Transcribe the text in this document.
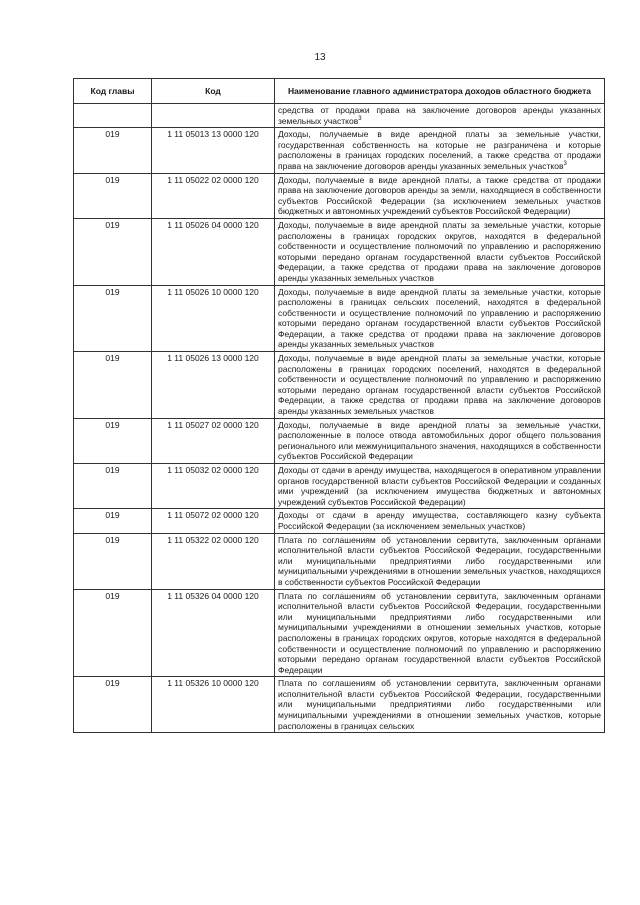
13
Код главы	Код	Наименование главного администратора доходов областного бюджета
		средства от продажи права на заключение договоров аренды указанных земельных участков$^3$
019	1 11 05013 13 0000 120	Доходы, получаемые в виде арендной платы за земельные участки, государственная собственность на которые не разграничена и которые расположены в границах городских поселений, а также средства от продажи права на заключение договоров аренды указанных земельных участков$^3$
019	1 11 05022 02 0000 120	Доходы, получаемые в виде арендной платы, а также средства от продажи права на заключение договоров аренды за земли, находящиеся в собственности субъектов Российской Федерации (за исключением земельных участков бюджетных и автономных учреждений субъектов Российской Федерации)
019	1 11 05026 04 0000 120	Доходы, получаемые в виде арендной платы за земельные участки, которые расположены в границах городских округов, находятся в федеральной собственности и осуществление полномочий по управлению и распоряжению которыми передано органам государственной власти субъектов Российской Федерации, а также средства от продажи права на заключение договоров аренды указанных земельных участков
019	1 11 05026 10 0000 120	Доходы, получаемые в виде арендной платы за земельные участки, которые расположены в границах сельских поселений, находятся в федеральной собственности и осуществление полномочий по управлению и распоряжению которыми передано органам государственной власти субъектов Российской Федерации, а также средства от продажи права на заключение договоров аренды указанных земельных участков
019	1 11 05026 13 0000 120	Доходы, получаемые в виде арендной платы за земельные участки, которые расположены в границах городских поселений, находятся в федеральной собственности и осуществление полномочий по управлению и распоряжению которыми передано органам государственной власти субъектов Российской Федерации, а также средства от продажи права на заключение договоров аренды указанных земельных участков
019	1 11 05027 02 0000 120	Доходы, получаемые в виде арендной платы за земельные участки, расположенные в полосе отвода автомобильных дорог общего пользования регионального или межмуниципального значения, находящихся в собственности субъектов Российской Федерации
019	1 11 05032 02 0000 120	Доходы от сдачи в аренду имущества, находящегося в оперативном управлении органов государственной власти субъектов Российской Федерации и созданных ими учреждений (за исключением имущества бюджетных и автономных учреждений субъектов Российской Федерации)
019	1 11 05072 02 0000 120	Доходы от сдачи в аренду имущества, составляющего казну субъекта Российской Федерации (за исключением земельных участков)
019	1 11 05322 02 0000 120	Плата по соглашениям об установлении сервитута, заключенным органами исполнительной власти субъектов Российской Федерации, государственными или муниципальными предприятиями либо государственными или муниципальными учреждениями в отношении земельных участков, находящихся в собственности субъектов Российской Федерации
019	1 11 05326 04 0000 120	Плата по соглашениям об установлении сервитута, заключенным органами исполнительной власти субъектов Российской Федерации, государственными или муниципальными предприятиями либо государственными или муниципальными учреждениями в отношении земельных участков, которые расположены в границах городских округов, которые находятся в федеральной собственности и осуществление полномочий по управлению и распоряжению которыми передано органам государственной власти субъектов Российской Федерации
019	1 11 05326 10 0000 120	Плата по соглашениям об установлении сервитута, заключенным органами исполнительной власти субъектов Российской Федерации, государственными или муниципальными предприятиями либо государственными или муниципальными учреждениями в отношении земельных участков, которые расположены в границах сельских
